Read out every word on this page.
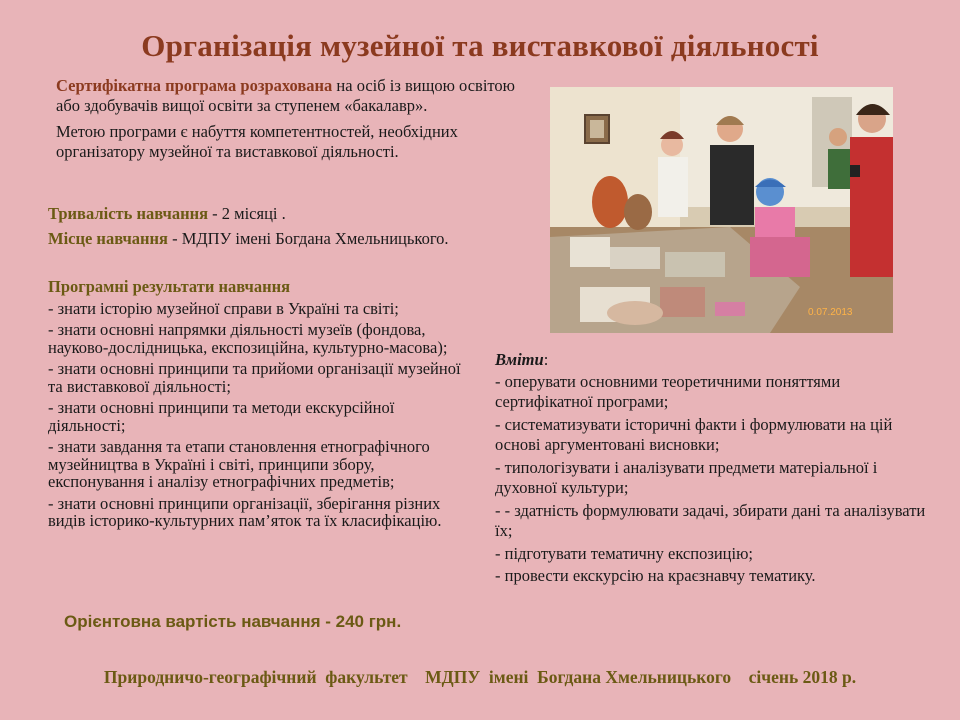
Організація музейної та виставкової діяльності

Сертифікатна програма розрахована на осіб із вищою освітою або здобувачів вищої освіти за ступенем «бакалавр».

Метою програми є набуття компетентностей, необхідних організатору музейної та виставкової діяльності.

Тривалість навчання - 2 місяці .
Місце навчання - МДПУ імені Богдана Хмельницького.
Програмні результати навчання
- знати історію музейної справи в Україні та світі;
- знати основні напрямки діяльності музеїв (фондова, науково-дослідницька, експозиційна, культурно-масова);
- знати основні принципи та прийоми організації музейної та виставкової діяльності;
- знати основні принципи та методи екскурсійної діяльності;
- знати завдання та етапи становлення етнографічного музейництва в Україні і світі, принципи збору, експонування і аналізу етнографічних предметів;
- знати основні принципи організації, зберігання різних видів історико-культурних пам’яток та їх класифікацію.
0.07.2013
Вміти:
- оперувати основними теоретичними поняттями сертифікатної програми;
- систематизувати історичні факти і формулювати на цій основі аргументовані висновки;
- типологізувати і аналізувати предмети матеріальної і духовної культури;
- - здатність формулювати задачі, збирати дані та аналізувати їх;
- підготувати тематичну експозицію;
- провести екскурсію на краєзнавчу тематику.
Орієнтовна вартість навчання - 240 грн.
Природничо-географічний  факультет    МДПУ  імені  Богдана Хмельницького    січень 2018 р.
